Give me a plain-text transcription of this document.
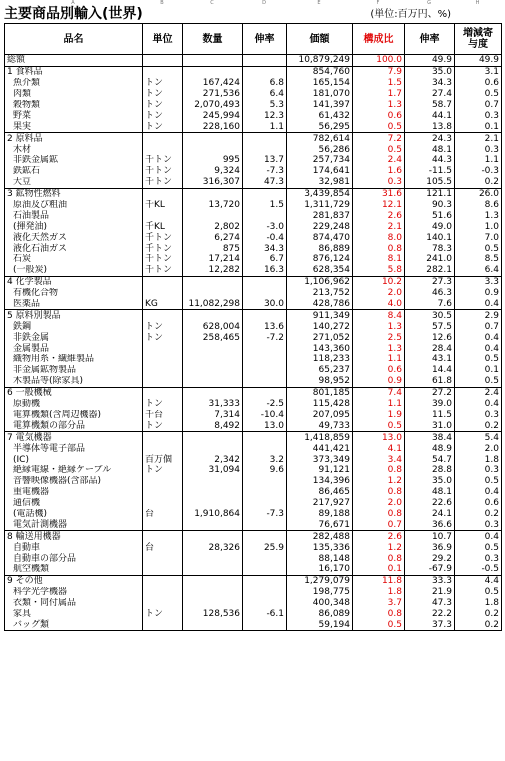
A	B	C	D	E	F	G	H
主要商品別輸入(世界)	(単位:百万円、%)
品名	単位	数量	伸率	価額	構成比	伸率	増減寄
与度
総額				10,879,249	100.0	49.9	49.9
1 食料品				854,760	7.9	35.0	3.1
魚介類	トン	167,424	6.8	165,154	1.5	34.3	0.6
肉類	トン	271,536	6.4	181,070	1.7	27.4	0.5
穀物類	トン	2,070,493	5.3	141,397	1.3	58.7	0.7
野菜	トン	245,994	12.3	61,432	0.6	44.1	0.3
果実	トン	228,160	1.1	56,295	0.5	13.8	0.1
2 原料品				782,614	7.2	24.3	2.1
木材				56,286	0.5	48.1	0.3
非鉄金属鉱	千トン	995	13.7	257,734	2.4	44.3	1.1
鉄鉱石	千トン	9,324	-7.3	174,641	1.6	-11.5	-0.3
大豆	千トン	316,307	47.3	32,981	0.3	105.5	0.2
3 鉱物性燃料				3,439,854	31.6	121.1	26.0
原油及び粗油	千KL	13,720	1.5	1,311,729	12.1	90.3	8.6
石油製品				281,837	2.6	51.6	1.3
(揮発油)	千KL	2,802	-3.0	229,248	2.1	49.0	1.0
液化天然ガス	千トン	6,274	-0.4	874,470	8.0	140.1	7.0
液化石油ガス	千トン	875	34.3	86,889	0.8	78.3	0.5
石炭	千トン	17,214	6.7	876,124	8.1	241.0	8.5
(一般炭)	千トン	12,282	16.3	628,354	5.8	282.1	6.4
4 化学製品				1,106,962	10.2	27.3	3.3
有機化合物				213,752	2.0	46.3	0.9
医薬品	KG	11,082,298	30.0	428,786	4.0	7.6	0.4
5 原料別製品				911,349	8.4	30.5	2.9
鉄鋼	トン	628,004	13.6	140,272	1.3	57.5	0.7
非鉄金属	トン	258,465	-7.2	271,052	2.5	12.6	0.4
金属製品				143,360	1.3	28.4	0.4
織物用糸・繊維製品				118,233	1.1	43.1	0.5
非金属鉱物製品				65,237	0.6	14.4	0.1
木製品等(除家具)				98,952	0.9	61.8	0.5
6 一般機械				801,185	7.4	27.2	2.4
原動機	トン	31,333	-2.5	115,428	1.1	39.0	0.4
電算機類(含周辺機器)	千台	7,314	-10.4	207,095	1.9	11.5	0.3
電算機類の部分品	トン	8,492	13.0	49,733	0.5	31.0	0.2
7 電気機器				1,418,859	13.0	38.4	5.4
半導体等電子部品				441,421	4.1	48.9	2.0
(IC)	百万個	2,342	3.2	373,349	3.4	54.7	1.8
絶縁電線・絶縁ケーブル	トン	31,094	9.6	91,121	0.8	28.8	0.3
音響映像機器(含部品)				134,396	1.2	35.0	0.5
重電機器				86,465	0.8	48.1	0.4
通信機				217,927	2.0	22.6	0.6
(電話機)	台	1,910,864	-7.3	89,188	0.8	24.1	0.2
電気計測機器				76,671	0.7	36.6	0.3
8 輸送用機器				282,488	2.6	10.7	0.4
自動車	台	28,326	25.9	135,336	1.2	36.9	0.5
自動車の部分品				88,148	0.8	29.2	0.3
航空機類				16,170	0.1	-67.9	-0.5
9 その他				1,279,079	11.8	33.3	4.4
科学光学機器				198,775	1.8	21.9	0.5
衣類・同付属品				400,348	3.7	47.3	1.8
家具	トン	128,536	-6.1	86,089	0.8	22.2	0.2
バッグ類				59,194	0.5	37.3	0.2
